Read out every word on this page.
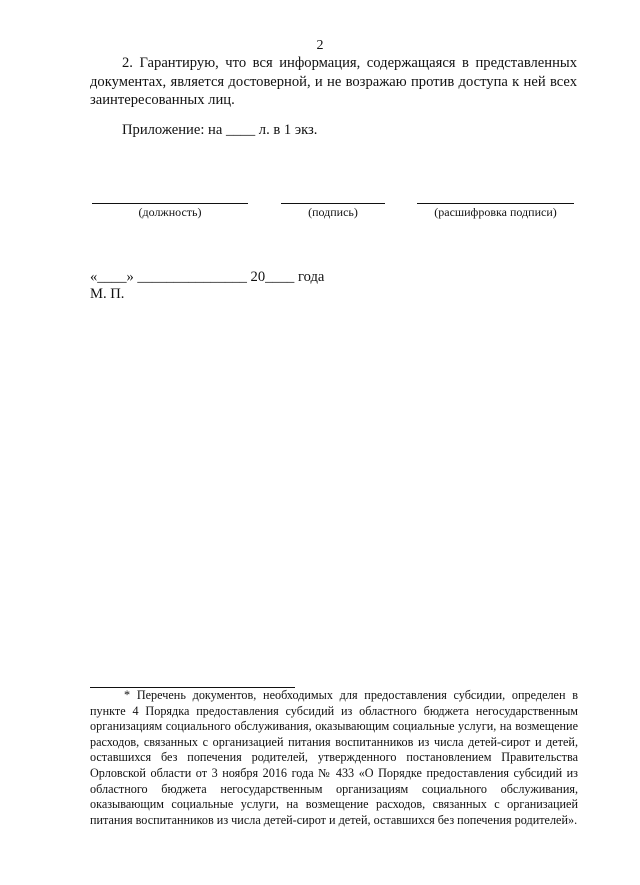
2
2. Гарантирую, что вся информация, содержащаяся в представленных документах, является достоверной, и не возражаю против доступа к ней всех заинтересованных лиц.
Приложение: на ____ л. в 1 экз.
(должность)	(подпись)	(расшифровка подписи)
«____» _______________ 20____ года
М. П.
* Перечень документов, необходимых для предоставления субсидии, определен в пункте 4 Порядка предоставления субсидий из областного бюджета негосударственным организациям социального обслуживания, оказывающим социальные услуги, на возмещение расходов, связанных с организацией питания воспитанников из числа детей-сирот и детей, оставшихся без попечения родителей, утвержденного постановлением Правительства Орловской области от 3 ноября 2016 года № 433 «О Порядке предоставления субсидий из областного бюджета негосударственным организациям социального обслуживания, оказывающим социальные услуги, на возмещение расходов, связанных с организацией питания воспитанников из числа детей-сирот и детей, оставшихся без попечения родителей».
